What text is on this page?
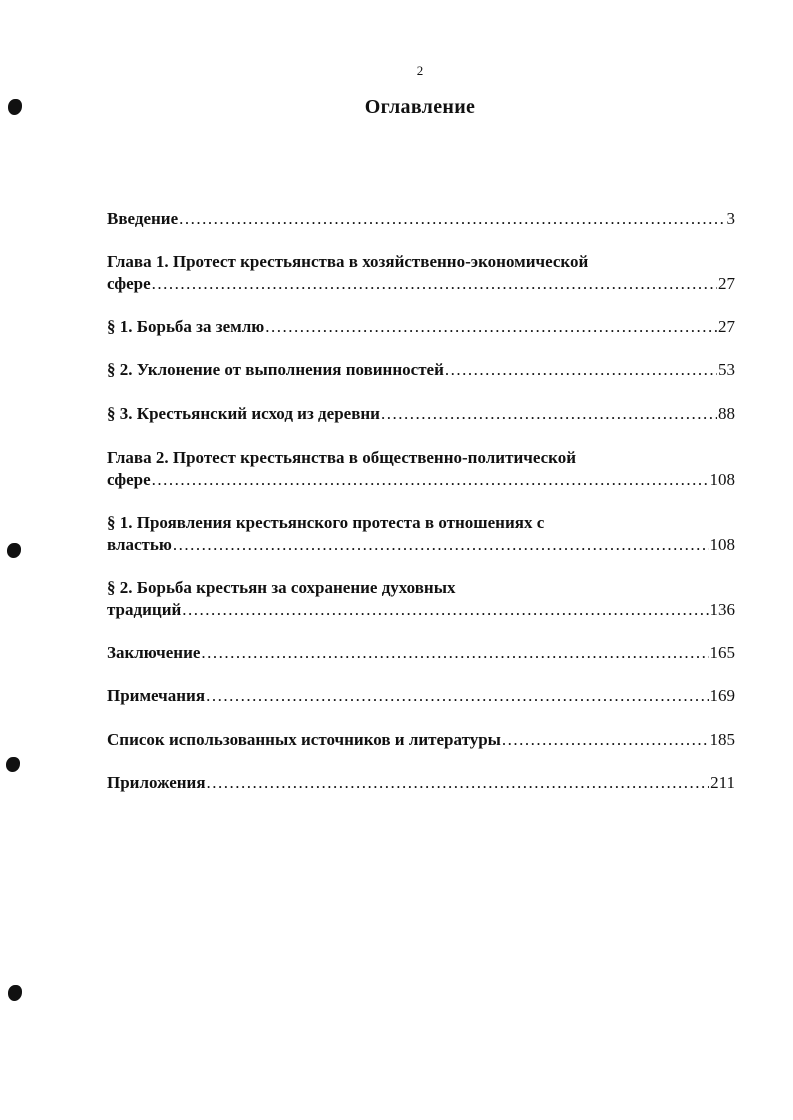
2
Оглавление
Введение .....	3
Глава 1. Протест крестьянства в хозяйственно-экономической
сфере .....	27
§ 1. Борьба за землю .....	27
§ 2. Уклонение от выполнения повинностей .....	53
§ 3. Крестьянский исход из деревни .....	88
Глава 2. Протест крестьянства в общественно-политической
сфере .....	108
§ 1. Проявления крестьянского протеста в отношениях с
властью .....	108
§ 2. Борьба крестьян за сохранение духовных
традиций .....	136
Заключение .....	165
Примечания .....	169
Список использованных источников и литературы .....	185
Приложения .....	211
